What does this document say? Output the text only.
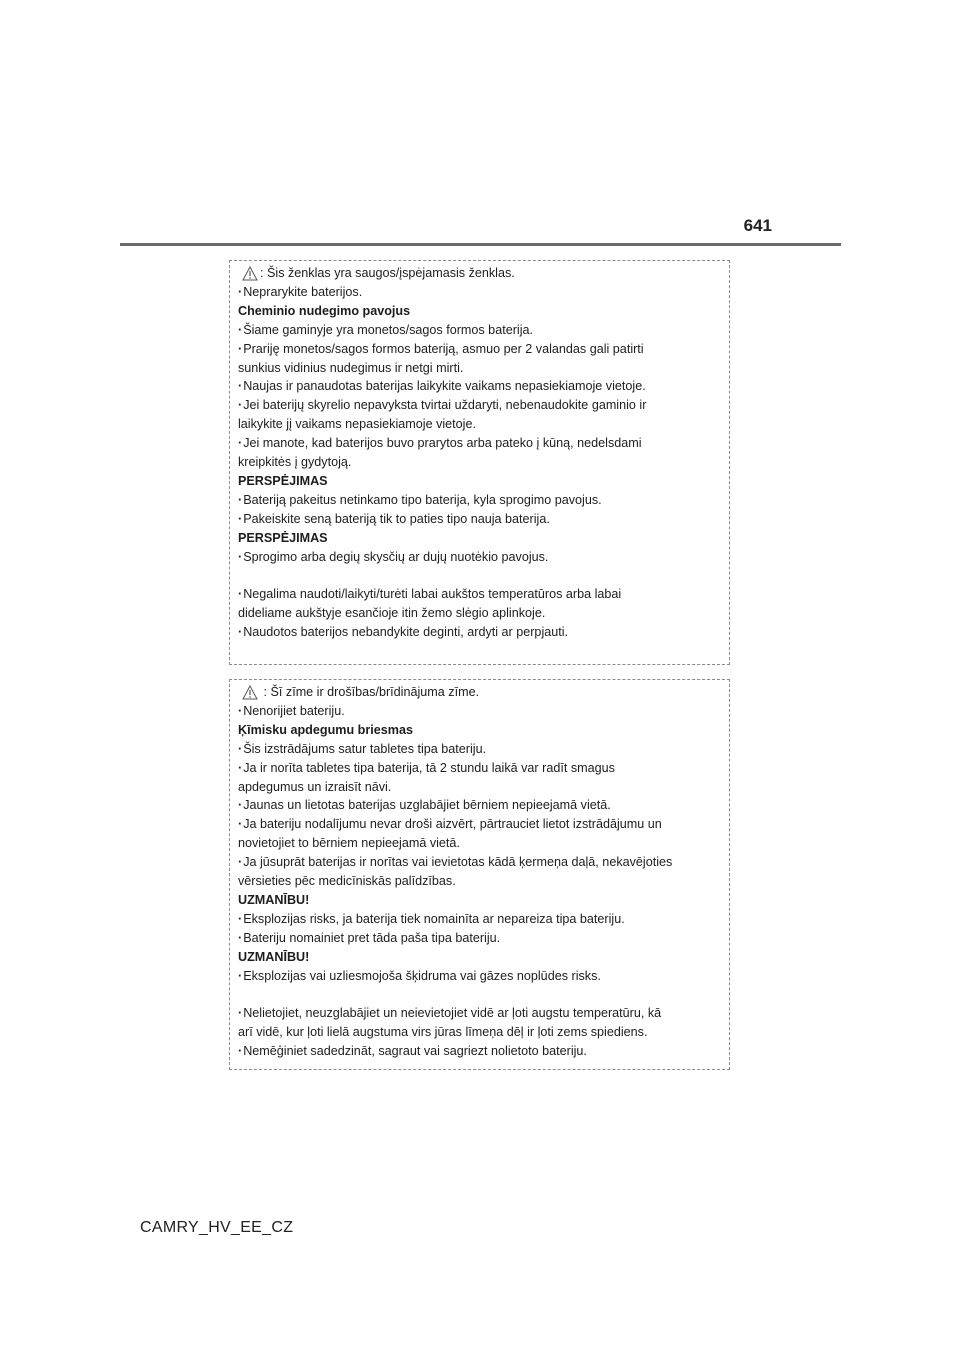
641
: Šis ženklas yra saugos/įspėjamasis ženklas.
· Neprarykite baterijos.
Cheminio nudegimo pavojus
· Šiame gaminyje yra monetos/sagos formos baterija.
· Prariję monetos/sagos formos bateriją, asmuo per 2 valandas gali patirti
sunkius vidinius nudegimus ir netgi mirti.
· Naujas ir panaudotas baterijas laikykite vaikams nepasiekiamoje vietoje.
· Jei baterijų skyrelio nepavyksta tvirtai uždaryti, nebenaudokite gaminio ir
laikykite jį vaikams nepasiekiamoje vietoje.
· Jei manote, kad baterijos buvo prarytos arba pateko į kūną, nedelsdami
kreipkitės į gydytoją.
PERSPĖJIMAS
· Bateriją pakeitus netinkamo tipo baterija, kyla sprogimo pavojus.
· Pakeiskite seną bateriją tik to paties tipo nauja baterija.
PERSPĖJIMAS
· Sprogimo arba degių skysčių ar dujų nuotėkio pavojus.
· Negalima naudoti/laikyti/turėti labai aukštos temperatūros arba labai
dideliame aukštyje esančioje itin žemo slėgio aplinkoje.
· Naudotos baterijos nebandykite deginti, ardyti ar perpjauti.
: Šī zīme ir drošības/brīdinājuma zīme.
· Nenorijiet bateriju.
Ķīmisku apdegumu briesmas
· Šis izstrādājums satur tabletes tipa bateriju.
· Ja ir norīta tabletes tipa baterija, tā 2 stundu laikā var radīt smagus
apdegumus un izraisīt nāvi.
· Jaunas un lietotas baterijas uzglabājiet bērniem nepieejamā vietā.
· Ja bateriju nodalījumu nevar droši aizvērt, pārtrauciet lietot izstrādājumu un
novietojiet to bērniem nepieejamā vietā.
· Ja jūsuprāt baterijas ir norītas vai ievietotas kādā ķermeņa daļā, nekavējoties
vērsieties pēc medicīniskās palīdzības.
UZMANĪBU!
· Eksplozijas risks, ja baterija tiek nomainīta ar nepareiza tipa bateriju.
· Bateriju nomainiet pret tāda paša tipa bateriju.
UZMANĪBU!
· Eksplozijas vai uzliesmojoša šķidruma vai gāzes noplūdes risks.
· Nelietojiet, neuzglabājiet un neievietojiet vidē ar ļoti augstu temperatūru, kā
arī vidē, kur ļoti lielā augstuma virs jūras līmeņa dēļ ir ļoti zems spiediens.
· Nemēģiniet sadedzināt, sagraut vai sagriezt nolietoto bateriju.
CAMRY_HV_EE_CZ
